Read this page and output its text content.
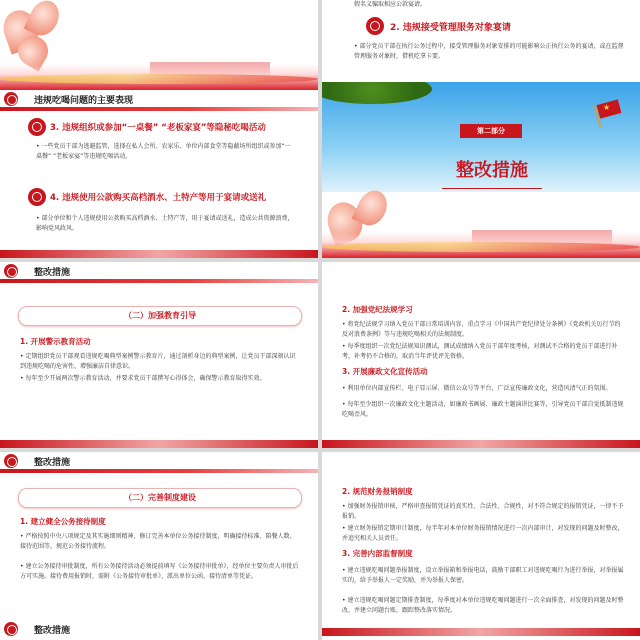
假名义骗取相应公款宴请。
2. 违规接受管理服务对象宴请
• 部分党员干部在执行公务过程中，接受管理服务对象安排的可能影响公正执行公务的宴请，或在监督管理服务对象时，借机吃拿卡要。
违规吃喝问题的主要表现
3. 违规组织或参加“一桌餐” “老板家宴”等隐秘吃喝活动
• 一些党员干部为逃避监管，选择在私人会所、农家乐、单位内部食堂等隐蔽场所组织或参加“一桌餐” “老板家宴”等违规吃喝活动。
4. 违规使用公款购买高档酒水、土特产等用于宴请或送礼
• 部分单位和个人违规使用公款购买高档酒水、土特产等，用于宴请或送礼，造成公共资源浪费，影响党风政风。
★
第二部分
整改措施
整改措施
（二）加强教育引导
1. 开展警示教育活动
• 定期组织党员干部观看违规吃喝典型案例警示教育片，通过剖析身边的典型案例，让党员干部深刻认识到违规吃喝的危害性，增强廉洁自律意识。
• 每年至少开展两次警示教育活动，并要求党员干部撰写心得体会，确保警示教育取得实效。
2. 加强党纪法规学习
• 将党纪法规学习纳入党员干部日常培训内容，重点学习《中国共产党纪律处分条例》《党政机关厉行节约反对浪费条例》等与违规吃喝相关的法规制度。
• 每季度组织一次党纪法规知识测试，测试成绩纳入党员干部年度考核，对测试不合格的党员干部进行补考，补考仍不合格的，取消当年评优评先资格。
3. 开展廉政文化宣传活动
• 利用单位内部宣传栏、电子显示屏、微信公众号等平台，广泛宣传廉政文化，营造风清气正的氛围。
• 每年至少组织一次廉政文化主题活动，如廉政书画展、廉政主题演讲比赛等，引导党员干部自觉抵制违规吃喝歪风。
整改措施
（二）完善制度建设
1. 建立健全公务接待制度
• 严格按照中央八项规定及其实施细则精神，修订完善本单位公务接待制度，明确接待标准、陪餐人数、接待范围等，规范公务接待流程。
• 建立公务接待审批制度，所有公务接待活动必须提前填写《公务接待审批单》，经单位主要负责人审批后方可实施。接待费用报销时，需附《公务接待审批单》、派出单位公函、接待清单等凭证。
整改措施
2. 规范财务报销制度
• 加强财务报销审核，严格审查报销凭证的真实性、合法性、合规性，对不符合规定的报销凭证，一律不予报销。
• 建立财务报销定期审计制度，每半年对本单位财务报销情况进行一次内部审计，对发现的问题及时整改，并追究相关人员责任。
3. 完善内部监督制度
• 建立违规吃喝问题举报制度，设立举报箱和举报电话，鼓励干部职工对违规吃喝行为进行举报，对举报属实的，给予举报人一定奖励，并为举报人保密。
• 建立违规吃喝问题定期排查制度，每季度对本单位违规吃喝问题进行一次全面排查，对发现的问题及时整改，并建立问题台账，跟踪整改落实情况。
